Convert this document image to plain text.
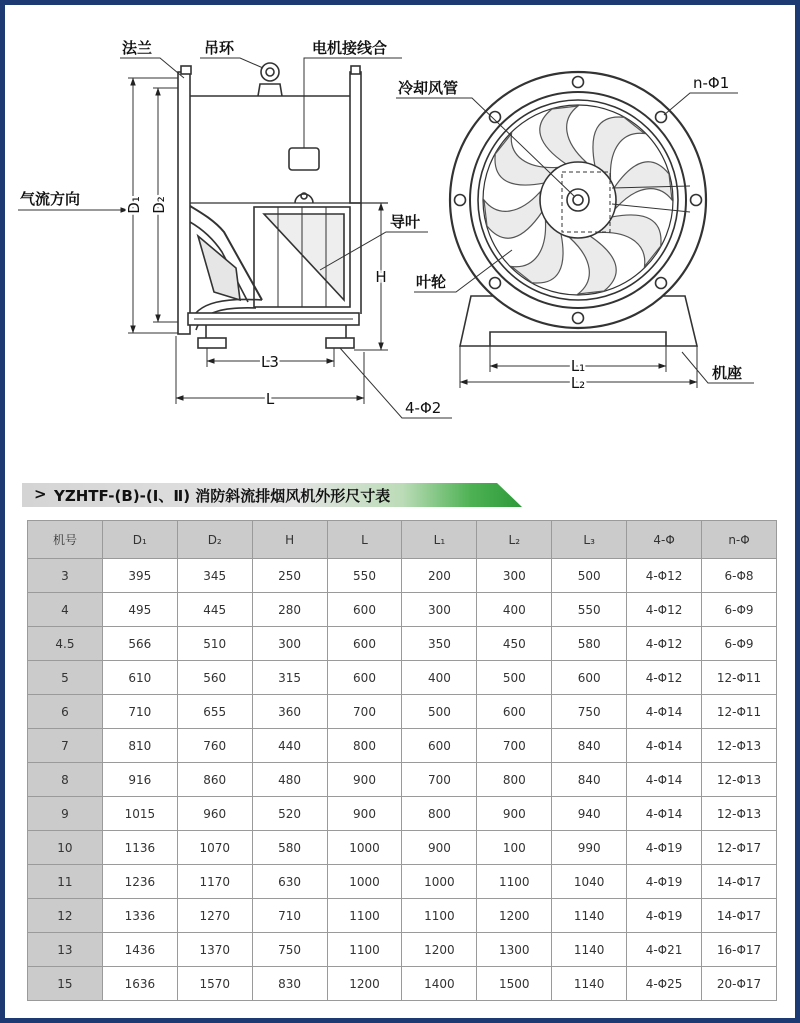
法兰	吊环	电机接线合
气流方向	D₁ D₂
导叶
H
L3
L	4-Φ2
冷却风管	n-Φ1
叶轮
L₁
L₂
机座
> YZHTF-(B)-(Ⅰ、Ⅱ) 消防斜流排烟风机外形尺寸表
机号	D₁	D₂	H	L	L₁	L₂	L₃	4-Φ	n-Φ
3	395	345	250	550	200	300	500	4-Φ12	6-Φ8
4	495	445	280	600	300	400	550	4-Φ12	6-Φ9
4.5	566	510	300	600	350	450	580	4-Φ12	6-Φ9
5	610	560	315	600	400	500	600	4-Φ12	12-Φ11
6	710	655	360	700	500	600	750	4-Φ14	12-Φ11
7	810	760	440	800	600	700	840	4-Φ14	12-Φ13
8	916	860	480	900	700	800	840	4-Φ14	12-Φ13
9	1015	960	520	900	800	900	940	4-Φ14	12-Φ13
10	1136	1070	580	1000	900	100	990	4-Φ19	12-Φ17
11	1236	1170	630	1000	1000	1100	1040	4-Φ19	14-Φ17
12	1336	1270	710	1100	1100	1200	1140	4-Φ19	14-Φ17
13	1436	1370	750	1100	1200	1300	1140	4-Φ21	16-Φ17
15	1636	1570	830	1200	1400	1500	1140	4-Φ25	20-Φ17
